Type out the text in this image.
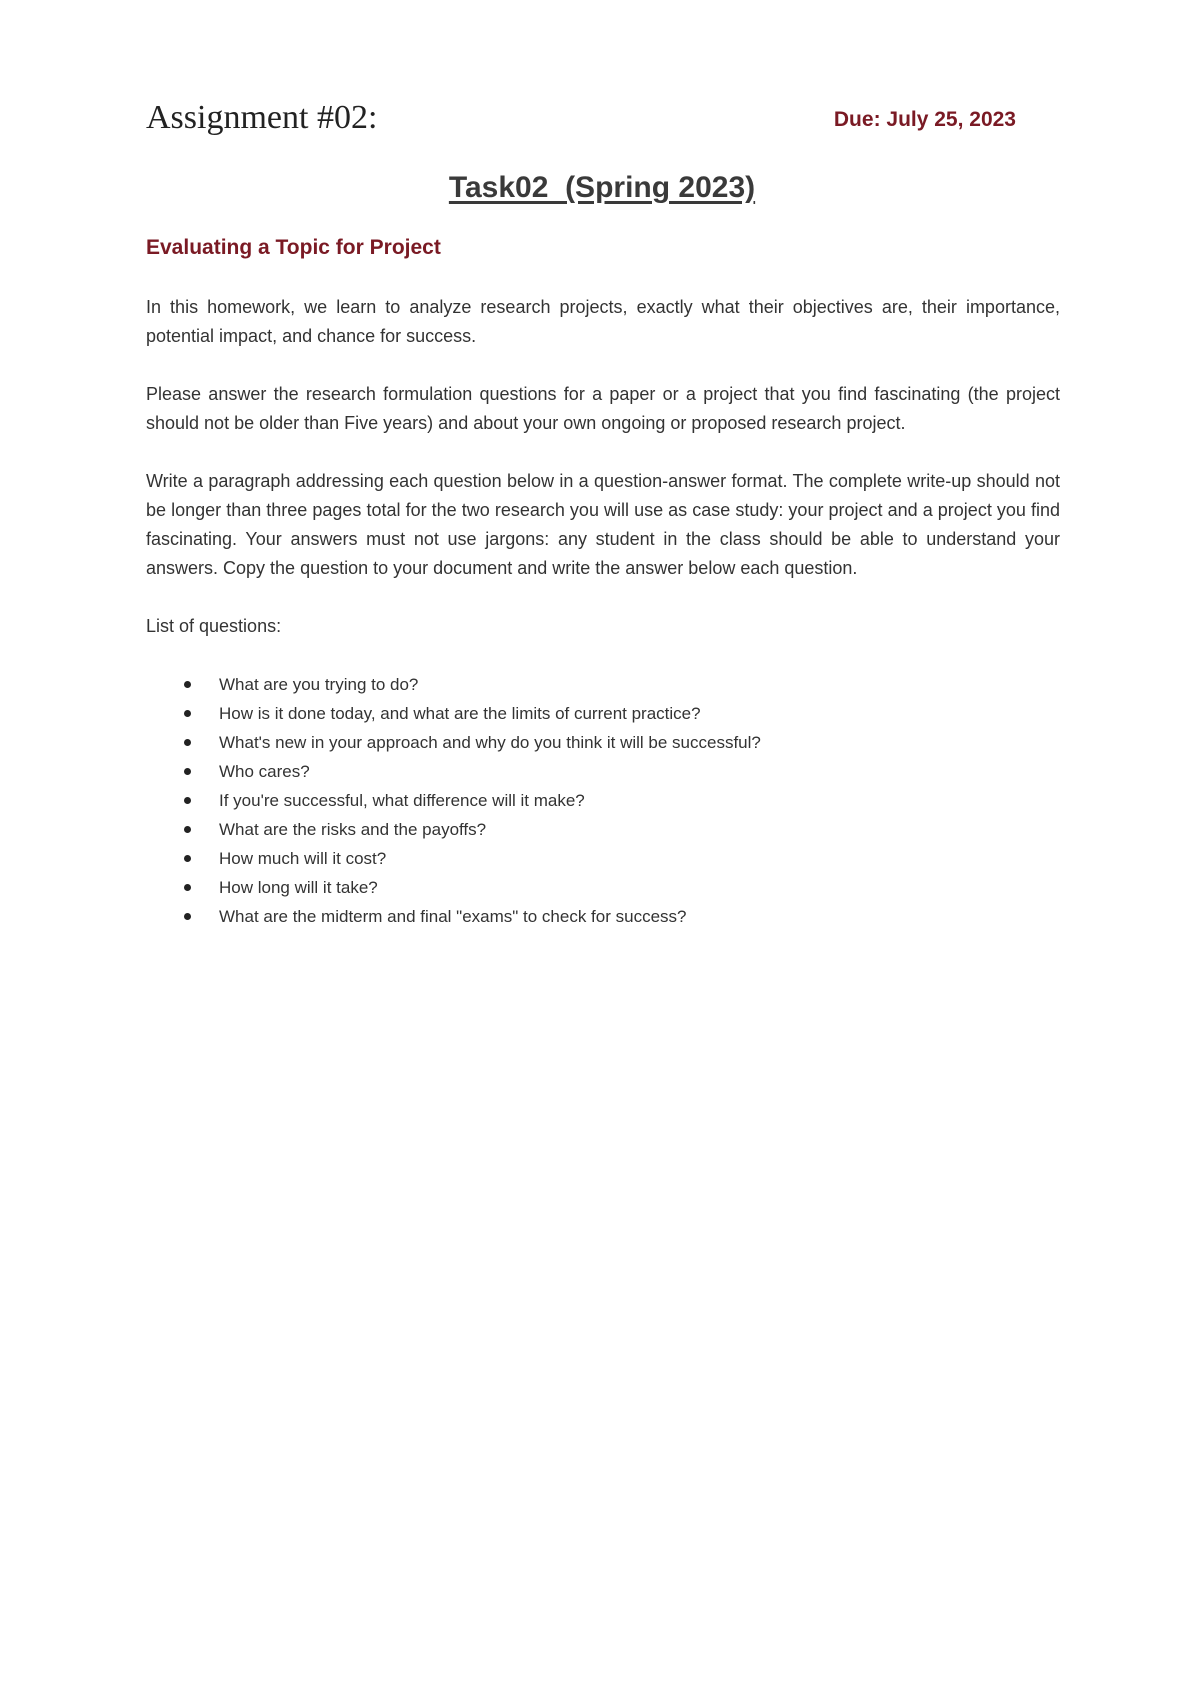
Assignment #02:	Due: July 25, 2023
Task02  (Spring 2023)
Evaluating a Topic for Project

In this homework, we learn to analyze research projects, exactly what their objectives are, their importance, potential impact, and chance for success.

Please answer the research formulation questions for a paper or a project that you find fascinating (the project should not be older than Five years) and about your own ongoing or proposed research project.

Write a paragraph addressing each question below in a question-answer format. The complete write-up should not be longer than three pages total for the two research you will use as case study: your project and a project you find fascinating. Your answers must not use jargons: any student in the class should be able to understand your answers. Copy the question to your document and write the answer below each question.

List of questions:
What are you trying to do?
How is it done today, and what are the limits of current practice?
What's new in your approach and why do you think it will be successful?
Who cares?
If you're successful, what difference will it make?
What are the risks and the payoffs?
How much will it cost?
How long will it take?
What are the midterm and final "exams" to check for success?
